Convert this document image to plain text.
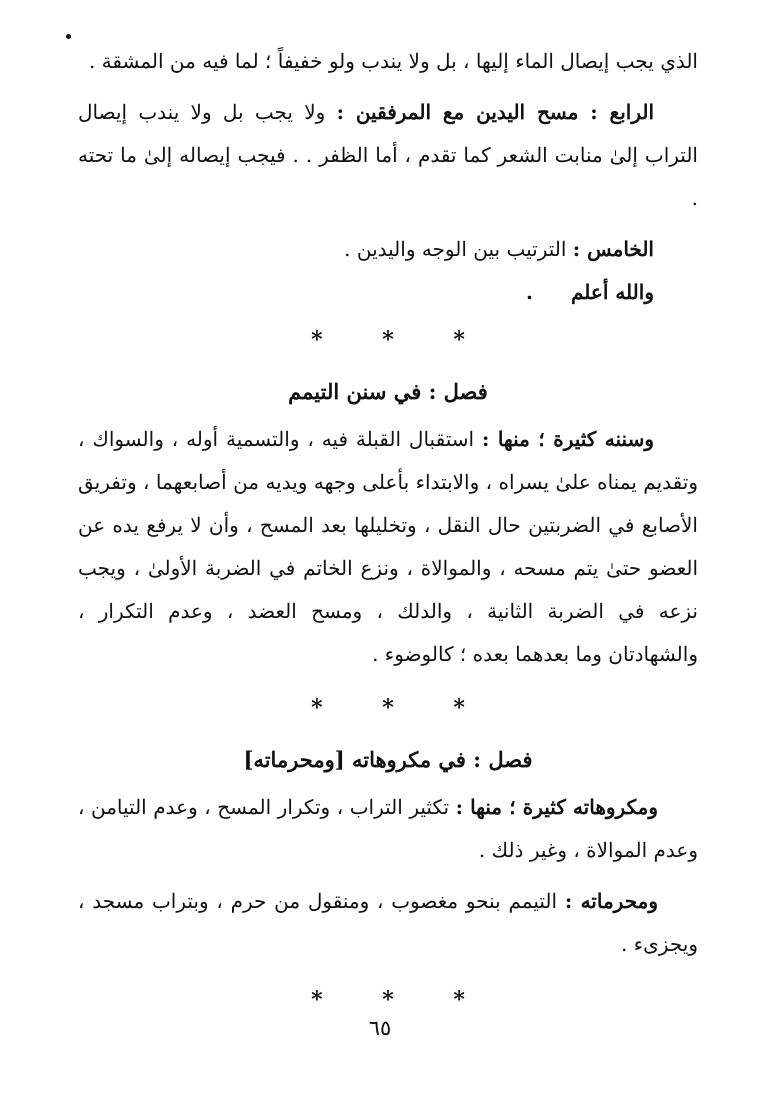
الذي يجب إيصال الماء إليها ، بل ولا يندب ولو خفيفاً ؛ لما فيه من المشقة .

الرابع : مسح اليدين مع المرفقين : ولا يجب بل ولا يندب إيصال التراب إلىٰ منابت الشعر كما تقدم ، أما الظفر . . فيجب إيصاله إلىٰ ما تحته .

الخامس : الترتيب بين الوجه واليدين .

والله أعلم.

* * *
فصل : في سنن التيمم

وسننه كثيرة ؛ منها : استقبال القبلة فيه ، والتسمية أوله ، والسواك ، وتقديم يمناه علىٰ يسراه ، والابتداء بأعلى وجهه ويديه من أصابعهما ، وتفريق الأصابع في الضربتين حال النقل ، وتخليلها بعد المسح ، وأن لا يرفع يده عن العضو حتىٰ يتم مسحه ، والموالاة ، ونزع الخاتم في الضربة الأولىٰ ، ويجب نزعه في الضربة الثانية ، والدلك ، ومسح العضد ، وعدم التكرار ، والشهادتان وما بعدهما بعده ؛ كالوضوء .

* * *
فصل : في مكروهاته [ومحرماته]

ومكروهاته كثيرة ؛ منها : تكثير التراب ، وتكرار المسح ، وعدم التيامن ، وعدم الموالاة ، وغير ذلك .

ومحرماته : التيمم بنحو مغصوب ، ومنقول من حرم ، وبتراب مسجد ، ويجزىء .

* * *
٦٥
